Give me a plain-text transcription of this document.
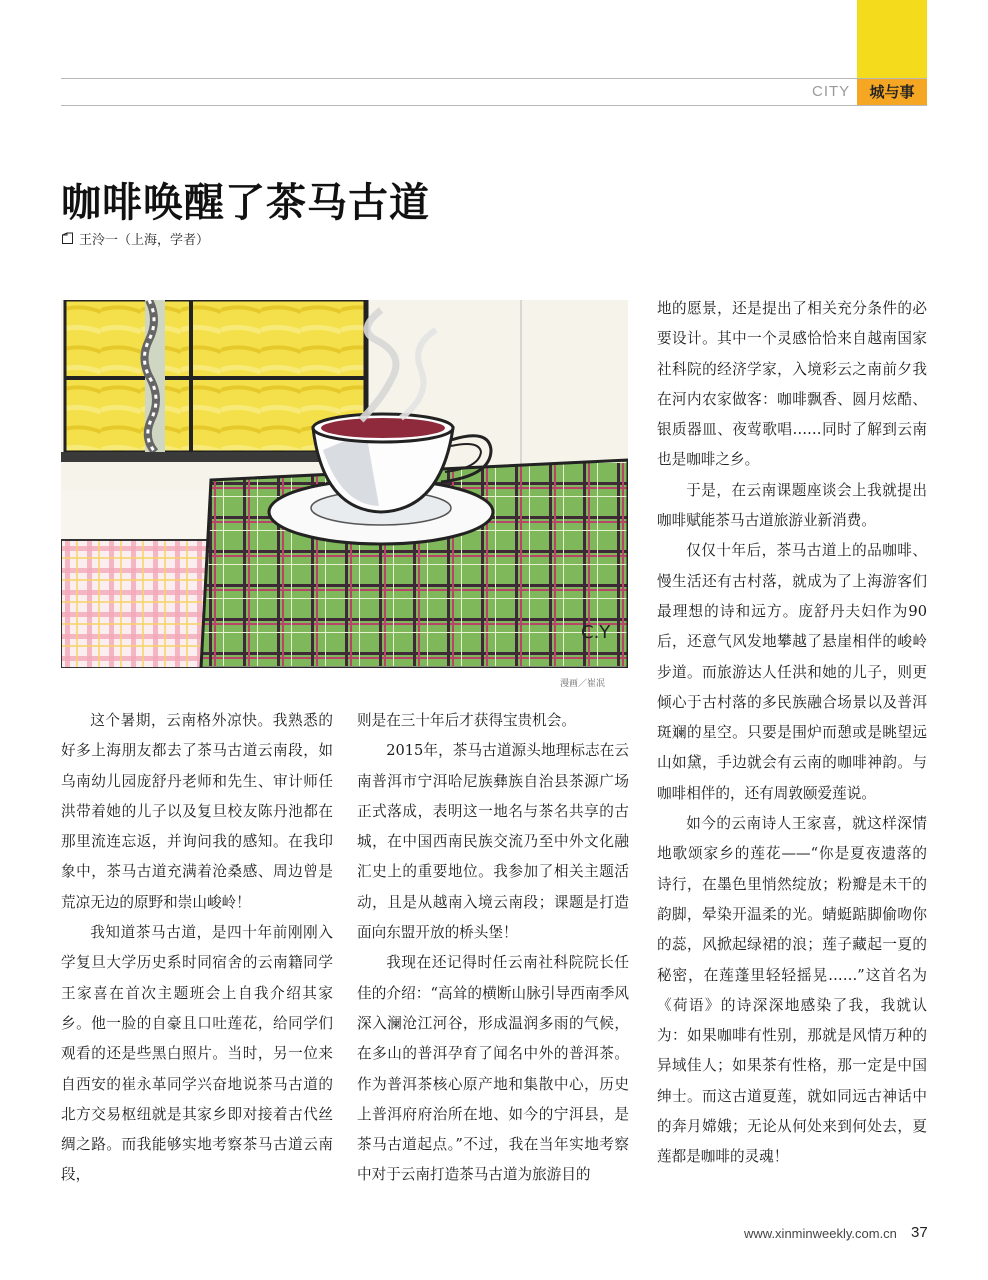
CITY	城与事
咖啡唤醒了茶马古道
王泠一（上海，学者）
C.Y
漫画／崔冺

这个暑期，云南格外凉快。我熟悉的好多上海朋友都去了茶马古道云南段，如乌南幼儿园庞舒丹老师和先生、审计师任洪带着她的儿子以及复旦校友陈丹池都在那里流连忘返，并询问我的感知。在我印象中，茶马古道充满着沧桑感、周边曾是荒凉无边的原野和崇山峻岭！

我知道茶马古道，是四十年前刚刚入学复旦大学历史系时同宿舍的云南籍同学王家喜在首次主题班会上自我介绍其家乡。他一脸的自豪且口吐莲花，给同学们观看的还是些黑白照片。当时，另一位来自西安的崔永革同学兴奋地说茶马古道的北方交易枢纽就是其家乡即对接着古代丝绸之路。而我能够实地考察茶马古道云南段，

则是在三十年后才获得宝贵机会。

2015年，茶马古道源头地理标志在云南普洱市宁洱哈尼族彝族自治县茶源广场正式落成，表明这一地名与茶名共享的古城，在中国西南民族交流乃至中外文化融汇史上的重要地位。我参加了相关主题活动，且是从越南入境云南段；课题是打造面向东盟开放的桥头堡！

我现在还记得时任云南社科院院长任佳的介绍：“高耸的横断山脉引导西南季风深入澜沧江河谷，形成温润多雨的气候，在多山的普洱孕育了闻名中外的普洱茶。作为普洱茶核心原产地和集散中心，历史上普洱府府治所在地、如今的宁洱县，是茶马古道起点。”不过，我在当年实地考察中对于云南打造茶马古道为旅游目的

地的愿景，还是提出了相关充分条件的必要设计。其中一个灵感恰恰来自越南国家社科院的经济学家，入境彩云之南前夕我在河内农家做客：咖啡飘香、圆月炫酷、银质器皿、夜莺歌唱……同时了解到云南也是咖啡之乡。

于是，在云南课题座谈会上我就提出咖啡赋能茶马古道旅游业新消费。

仅仅十年后，茶马古道上的品咖啡、慢生活还有古村落，就成为了上海游客们最理想的诗和远方。庞舒丹夫妇作为90后，还意气风发地攀越了悬崖相伴的峻岭步道。而旅游达人任洪和她的儿子，则更倾心于古村落的多民族融合场景以及普洱斑斓的星空。只要是围炉而憩或是眺望远山如黛，手边就会有云南的咖啡神韵。与咖啡相伴的，还有周敦颐爱莲说。

如今的云南诗人王家喜，就这样深情地歌颂家乡的莲花——“你是夏夜遗落的诗行，在墨色里悄然绽放；粉瓣是未干的韵脚，晕染开温柔的光。蜻蜓踮脚偷吻你的蕊，风掀起绿裙的浪；莲子藏起一夏的秘密，在莲蓬里轻轻摇晃……”这首名为《荷语》的诗深深地感染了我，我就认为：如果咖啡有性别，那就是风情万种的异域佳人；如果茶有性格，那一定是中国绅士。而这古道夏莲，就如同远古神话中的奔月嫦娥；无论从何处来到何处去，夏莲都是咖啡的灵魂！

www.xinminweekly.com.cn 37
